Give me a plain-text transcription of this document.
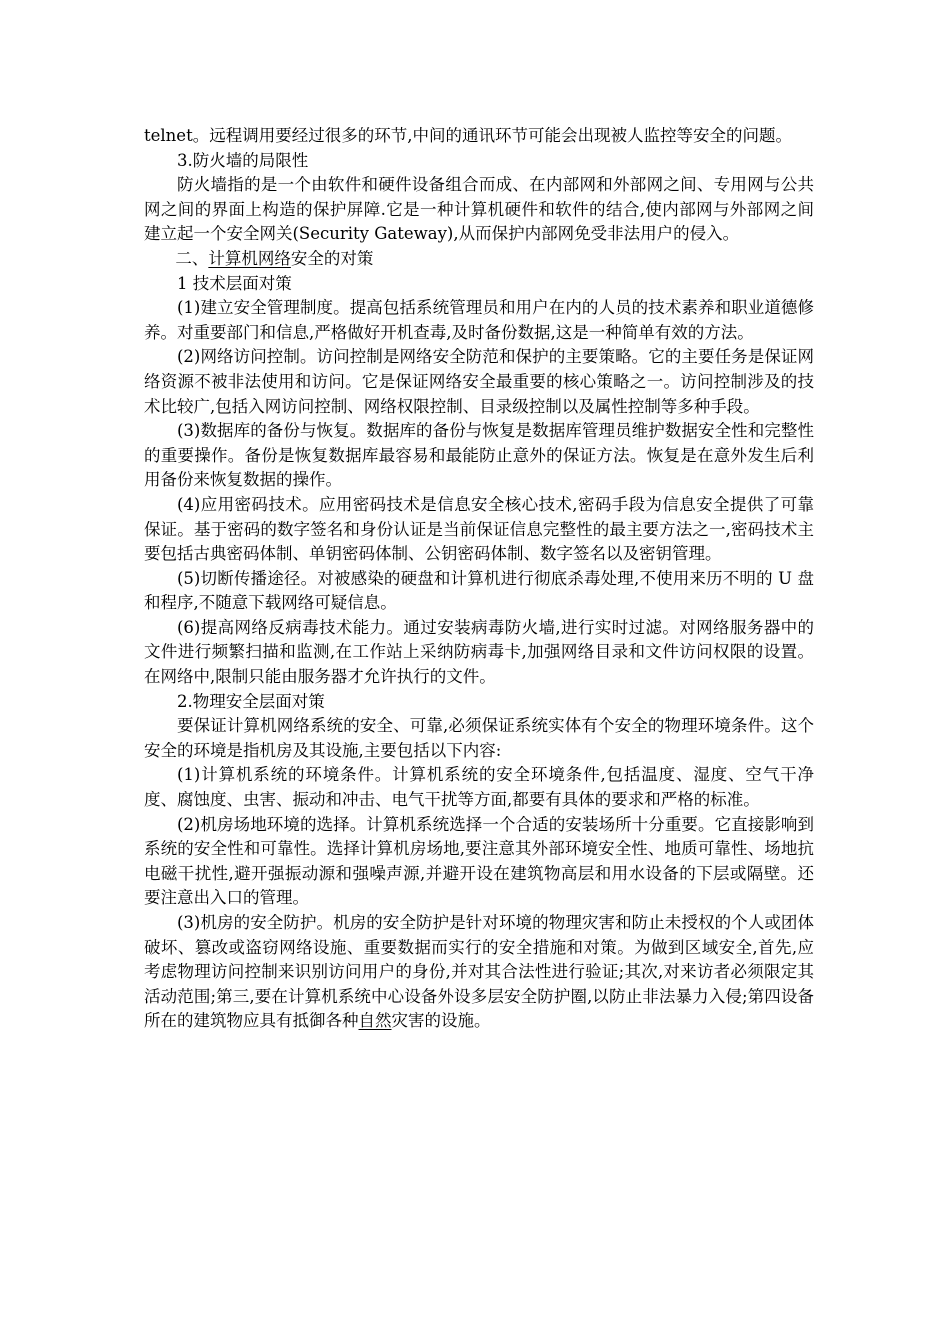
telnet。远程调用要经过很多的环节,中间的通讯环节可能会出现被人监控等安全的问题。

3.防火墙的局限性

防火墙指的是一个由软件和硬件设备组合而成、在内部网和外部网之间、专用网与公共网之间的界面上构造的保护屏障.它是一种计算机硬件和软件的结合,使内部网与外部网之间建立起一个安全网关(Security Gateway),从而保护内部网免受非法用户的侵入。

二、计算机网络安全的对策

1 技术层面对策

(1)建立安全管理制度。提高包括系统管理员和用户在内的人员的技术素养和职业道德修养。对重要部门和信息,严格做好开机查毒,及时备份数据,这是一种简单有效的方法。

(2)网络访问控制。访问控制是网络安全防范和保护的主要策略。它的主要任务是保证网络资源不被非法使用和访问。它是保证网络安全最重要的核心策略之一。访问控制涉及的技术比较广,包括入网访问控制、网络权限控制、目录级控制以及属性控制等多种手段。

(3)数据库的备份与恢复。数据库的备份与恢复是数据库管理员维护数据安全性和完整性的重要操作。备份是恢复数据库最容易和最能防止意外的保证方法。恢复是在意外发生后利用备份来恢复数据的操作。

(4)应用密码技术。应用密码技术是信息安全核心技术,密码手段为信息安全提供了可靠保证。基于密码的数字签名和身份认证是当前保证信息完整性的最主要方法之一,密码技术主要包括古典密码体制、单钥密码体制、公钥密码体制、数字签名以及密钥管理。

(5)切断传播途径。对被感染的硬盘和计算机进行彻底杀毒处理,不使用来历不明的 U 盘和程序,不随意下载网络可疑信息。

(6)提高网络反病毒技术能力。通过安装病毒防火墙,进行实时过滤。对网络服务器中的文件进行频繁扫描和监测,在工作站上采纳防病毒卡,加强网络目录和文件访问权限的设置。在网络中,限制只能由服务器才允许执行的文件。

2.物理安全层面对策

要保证计算机网络系统的安全、可靠,必须保证系统实体有个安全的物理环境条件。这个安全的环境是指机房及其设施,主要包括以下内容:

(1)计算机系统的环境条件。计算机系统的安全环境条件,包括温度、湿度、空气干净度、腐蚀度、虫害、振动和冲击、电气干扰等方面,都要有具体的要求和严格的标准。

(2)机房场地环境的选择。计算机系统选择一个合适的安装场所十分重要。它直接影响到系统的安全性和可靠性。选择计算机房场地,要注意其外部环境安全性、地质可靠性、场地抗电磁干扰性,避开强振动源和强噪声源,并避开设在建筑物高层和用水设备的下层或隔壁。还要注意出入口的管理。

(3)机房的安全防护。机房的安全防护是针对环境的物理灾害和防止未授权的个人或团体破坏、篡改或盗窃网络设施、重要数据而实行的安全措施和对策。为做到区域安全,首先,应考虑物理访问控制来识别访问用户的身份,并对其合法性进行验证;其次,对来访者必须限定其活动范围;第三,要在计算机系统中心设备外设多层安全防护圈,以防止非法暴力入侵;第四设备所在的建筑物应具有抵御各种自然灾害的设施。
